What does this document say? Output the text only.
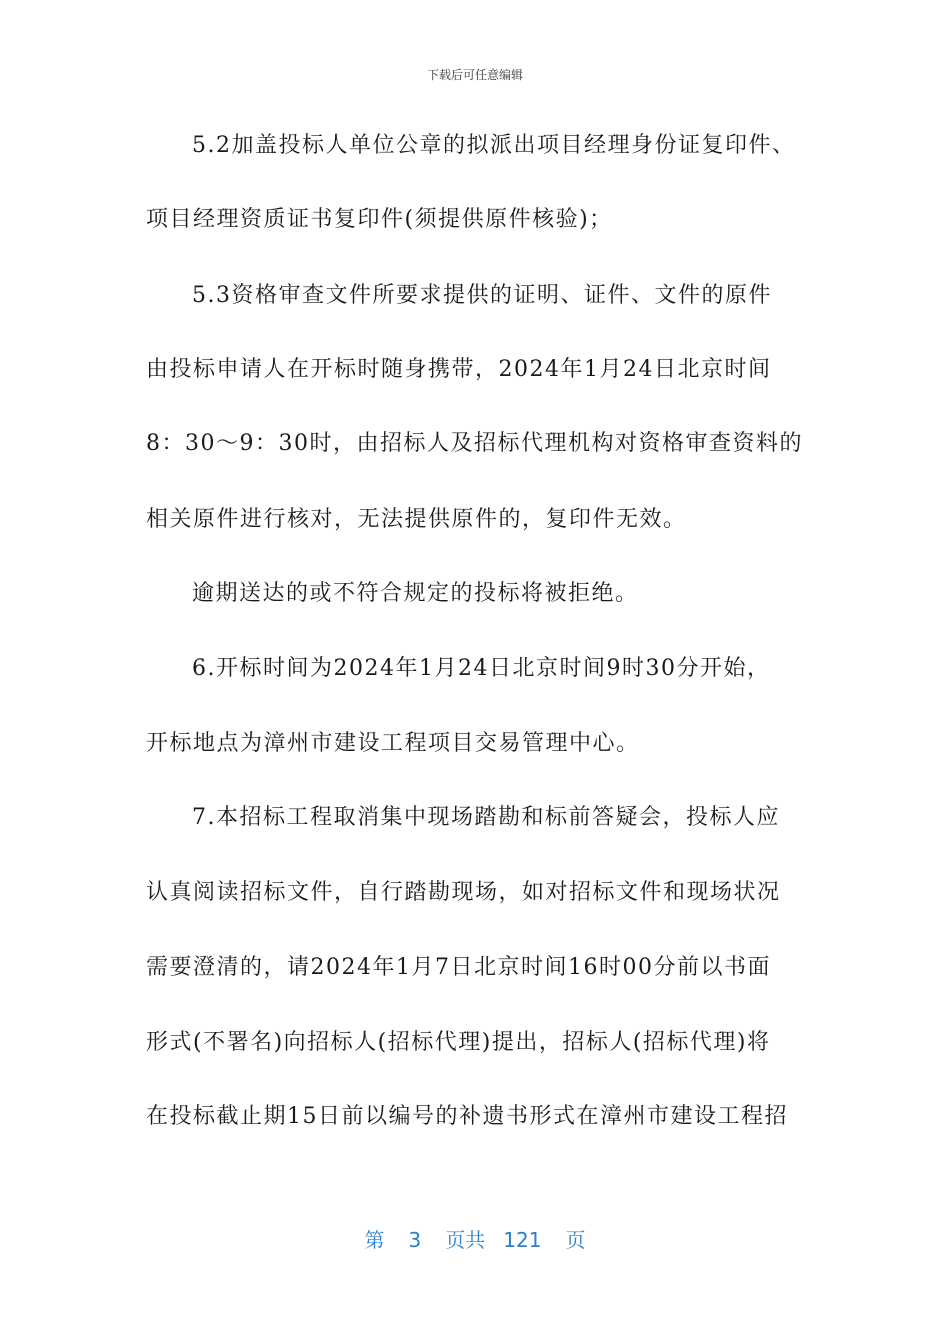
下载后可任意编辑
5.2加盖投标人单位公章的拟派出项目经理身份证复印件、
项目经理资质证书复印件(须提供原件核验)；
5.3资格审查文件所要求提供的证明、证件、文件的原件
由投标申请人在开标时随身携带，2024年1月24日北京时间
8：30～9：30时，由招标人及招标代理机构对资格审查资料的
相关原件进行核对，无法提供原件的，复印件无效。
逾期送达的或不符合规定的投标将被拒绝。
6.开标时间为2024年1月24日北京时间9时30分开始，
开标地点为漳州市建设工程项目交易管理中心。
7.本招标工程取消集中现场踏勘和标前答疑会，投标人应
认真阅读招标文件，自行踏勘现场，如对招标文件和现场状况
需要澄清的，请2024年1月7日北京时间16时00分前以书面
形式(不署名)向招标人(招标代理)提出，招标人(招标代理)将
在投标截止期15日前以编号的补遗书形式在漳州市建设工程招
第 3 页共 121 页
